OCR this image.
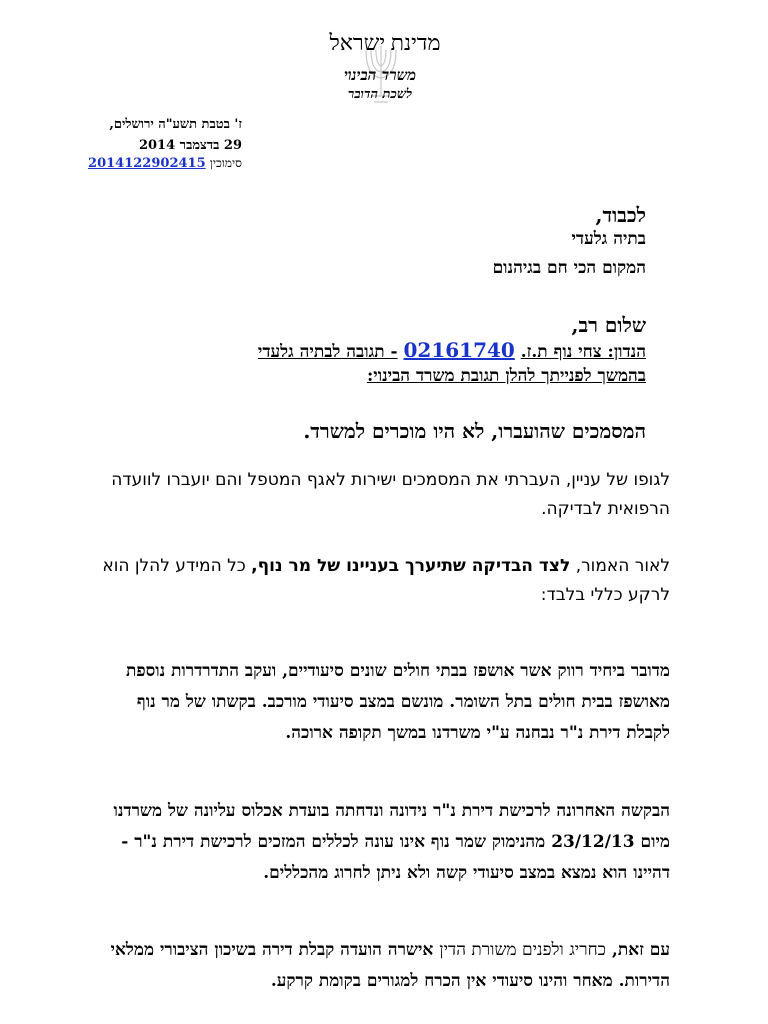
מדינת ישראל
משרד הבינוי
לשכת הדובר
ז' בטבת תשע"ה ירושלים,
29 בדצמבר 2014
סימוכין 2014122902415
לכבוד,
בתיה גלעדי
המקום הכי חם בגיהנום
שלום רב,
הנדון: צחי נוף ת.ז. 02161740 - תגובה לבתיה גלעדי
בהמשך לפנייתך להלן תגובת משרד הבינוי:
המסמכים שהועברו, לא היו מוכרים למשרד.
לגופו של עניין, העברתי את המסמכים ישירות לאגף המטפל והם יועברו לוועדה הרפואית לבדיקה.
לאור האמור, לצד הבדיקה שתיערך בעניינו של מר נוף, כל המידע להלן הוא לרקע כללי בלבד:
מדובר ביחיד רווק אשר אושפז בבתי חולים שונים סיעודיים, ועקב התדרדרות נוספת מאושפז בבית חולים בתל השומר. מונשם במצב סיעודי מורכב. בקשתו של מר נוף לקבלת דירת נ"ר נבחנה ע"י משרדנו במשך תקופה ארוכה.
הבקשה האחרונה לרכישת דירת נ"ר נידונה ונדחתה בועדת אכלוס עליונה של משרדנו מיום 23/12/13 מהנימוק שמר נוף אינו עונה לכללים המזכים לרכישת דירת נ"ר - דהיינו הוא נמצא במצב סיעודי קשה ולא ניתן לחרוג מהכללים.
עם זאת, כחריג ולפנים משורת הדין אישרה הועדה קבלת דירה בשיכון הציבורי ממלאי הדירות. מאחר והינו סיעודי אין הכרח למגורים בקומת קרקע.
